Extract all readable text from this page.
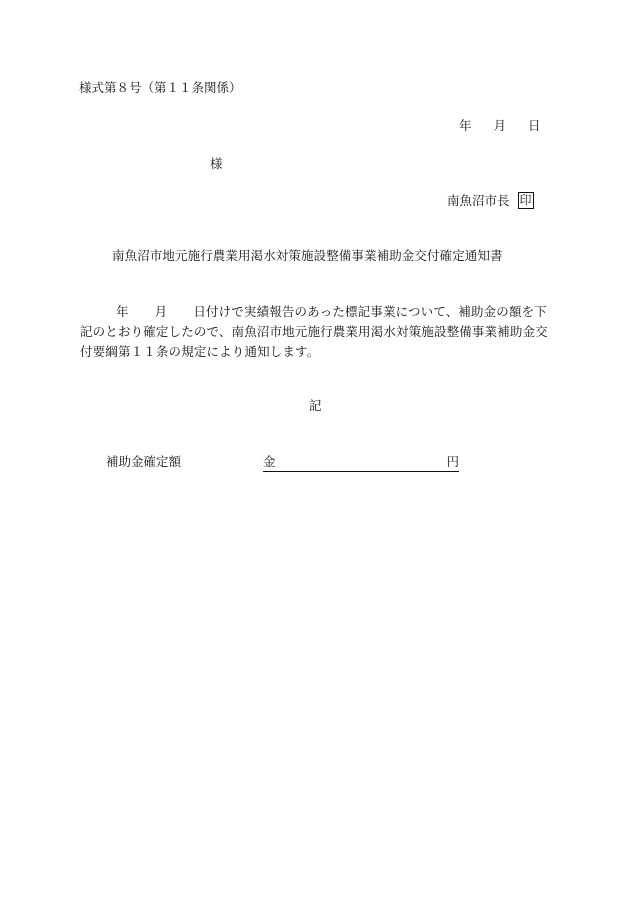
様式第８号（第１１条関係）
年 月 日
様
南魚沼市長 印
南魚沼市地元施行農業用渇水対策施設整備事業補助金交付確定通知書
年 月 日付けで実績報告のあった標記事業について、補助金の額を下記のとおり確定したので、南魚沼市地元施行農業用渇水対策施設整備事業補助金交付要綱第１１条の規定により通知します。
記
補助金確定額	金	円
